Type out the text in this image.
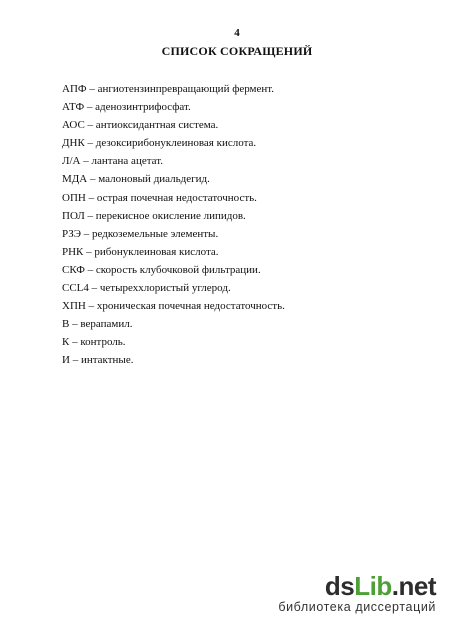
4
СПИСОК СОКРАЩЕНИЙ
АПФ – ангиотензинпревращающий фермент.
АТФ – аденозинтрифосфат.
АОС – антиоксидантная система.
ДНК – дезоксирибонуклеиновая кислота.
Л/А – лантана ацетат.
МДА – малоновый диальдегид.
ОПН – острая почечная недостаточность.
ПОЛ – перекисное окисление липидов.
РЗЭ – редкоземельные элементы.
РНК – рибонуклеиновая кислота.
СКФ – скорость клубочковой фильтрации.
CCL4 – четыреххлористый углерод.
ХПН – хроническая почечная недостаточность.
В – верапамил.
К – контроль.
И – интактные.
dsLib.net
библиотека диссертаций
